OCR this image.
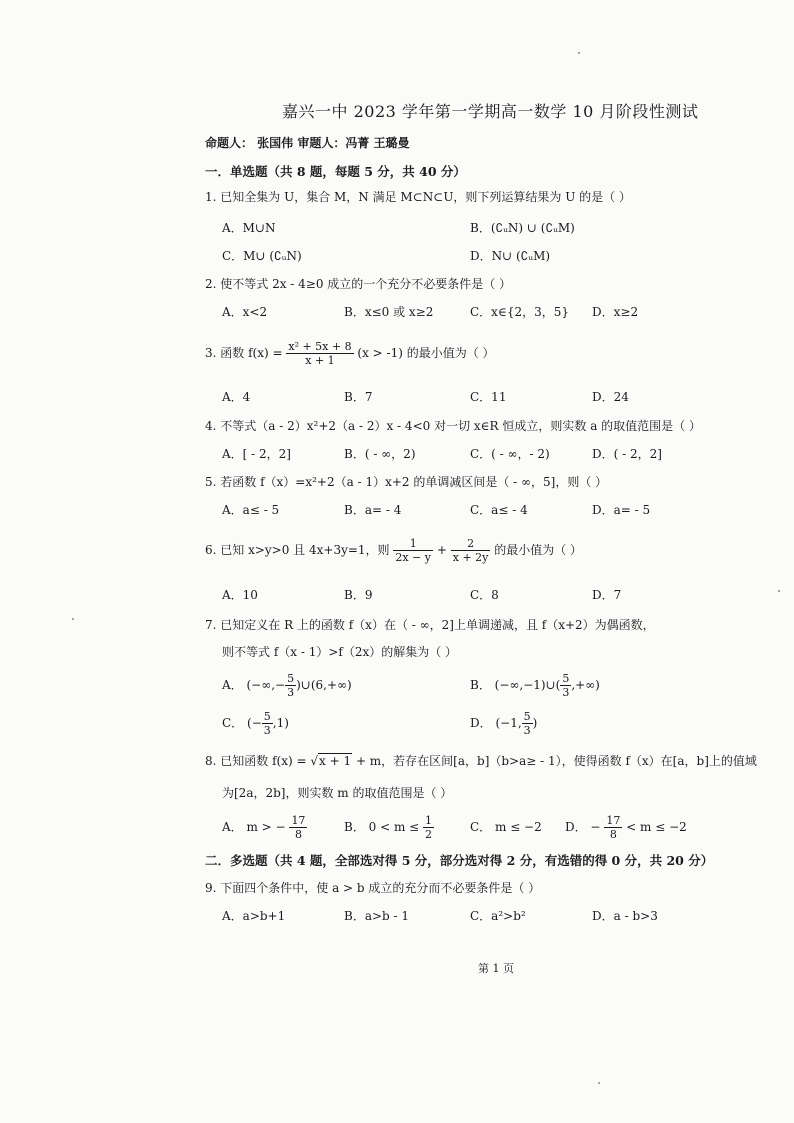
嘉兴一中 2023 学年第一学期高一数学 10 月阶段性测试
命题人： 张国伟 审题人：冯菁 王璐曼
一．单选题（共 8 题，每题 5 分，共 40 分）
1. 已知全集为 U，集合 M，N 满足 M⊂N⊂U，则下列运算结果为 U 的是（ ）
A．M∪N	B．(∁ᵤN) ∪ (∁ᵤM)
C．M∪ (∁ᵤN)	D．N∪ (∁ᵤM)
2. 使不等式 2x - 4≥0 成立的一个充分不必要条件是（ ）
A．x<2	B．x≤0 或 x≥2	C．x∈{2，3，5} D．x≥2
3. 函数 $f(x) = \frac{\text{x² + 5x + 8}}{x + 1} (x > -1)$ 的最小值为（ ）
A．4	B．7	C．11	D．24
4. 不等式（a - 2）x²+2（a - 2）x - 4<0 对一切 x∈R 恒成立，则实数 a 的取值范围是（ ）
A．[ - 2，2]	B．( - ∞，2)	C．( - ∞，- 2)	D．( - 2，2]
5. 若函数 f（x）=x²+2（a - 1）x+2 的单调减区间是（ - ∞，5]，则（ ）
A．a≤ - 5	B．a= - 4	C．a≤ - 4	D．a= - 5
6. 已知 x>y>0 且 4x+3y=1，则 $\frac{1}{2x - y} + \frac{2}{x + 2y}$ 的最小值为（ ）
A．10	B．9	C．8	D．7
7. 已知定义在 R 上的函数 f（x）在（ - ∞，2]上单调递减，且 f（x+2）为偶函数，
则不等式 f（x - 1）>f（2x）的解集为（ ）
A． (−∞,− $\frac{5}{3}$ )∪(6,+∞)	B． (−∞,−1)∪( $\frac{5}{3}$ ,+∞)
C． (− $\frac{5}{3} ,1$)	D． (−1, $\frac{5}{3}$ )
8. 已知函数 f(x) = √x + 1 + m，若存在区间[a，b]（b>a≥ - 1），使得函数 f（x）在[a，b]上的值域
为[2a，2b]，则实数 m 的取值范围是（ ）
A． m > − $\frac{17}{8}$	B． $0 < m \le \frac{1}{2}$	C． m ≤ −2 D． − $\frac{17}{8} < m \le -2$
二．多选题（共 4 题，全部选对得 5 分，部分选对得 2 分，有选错的得 0 分，共 20 分）
9. 下面四个条件中，使 a > b 成立的充分而不必要条件是（ ）
A．a>b+1	B．a>b - 1	C．a²>b²	D．a - b>3
第 1 页
